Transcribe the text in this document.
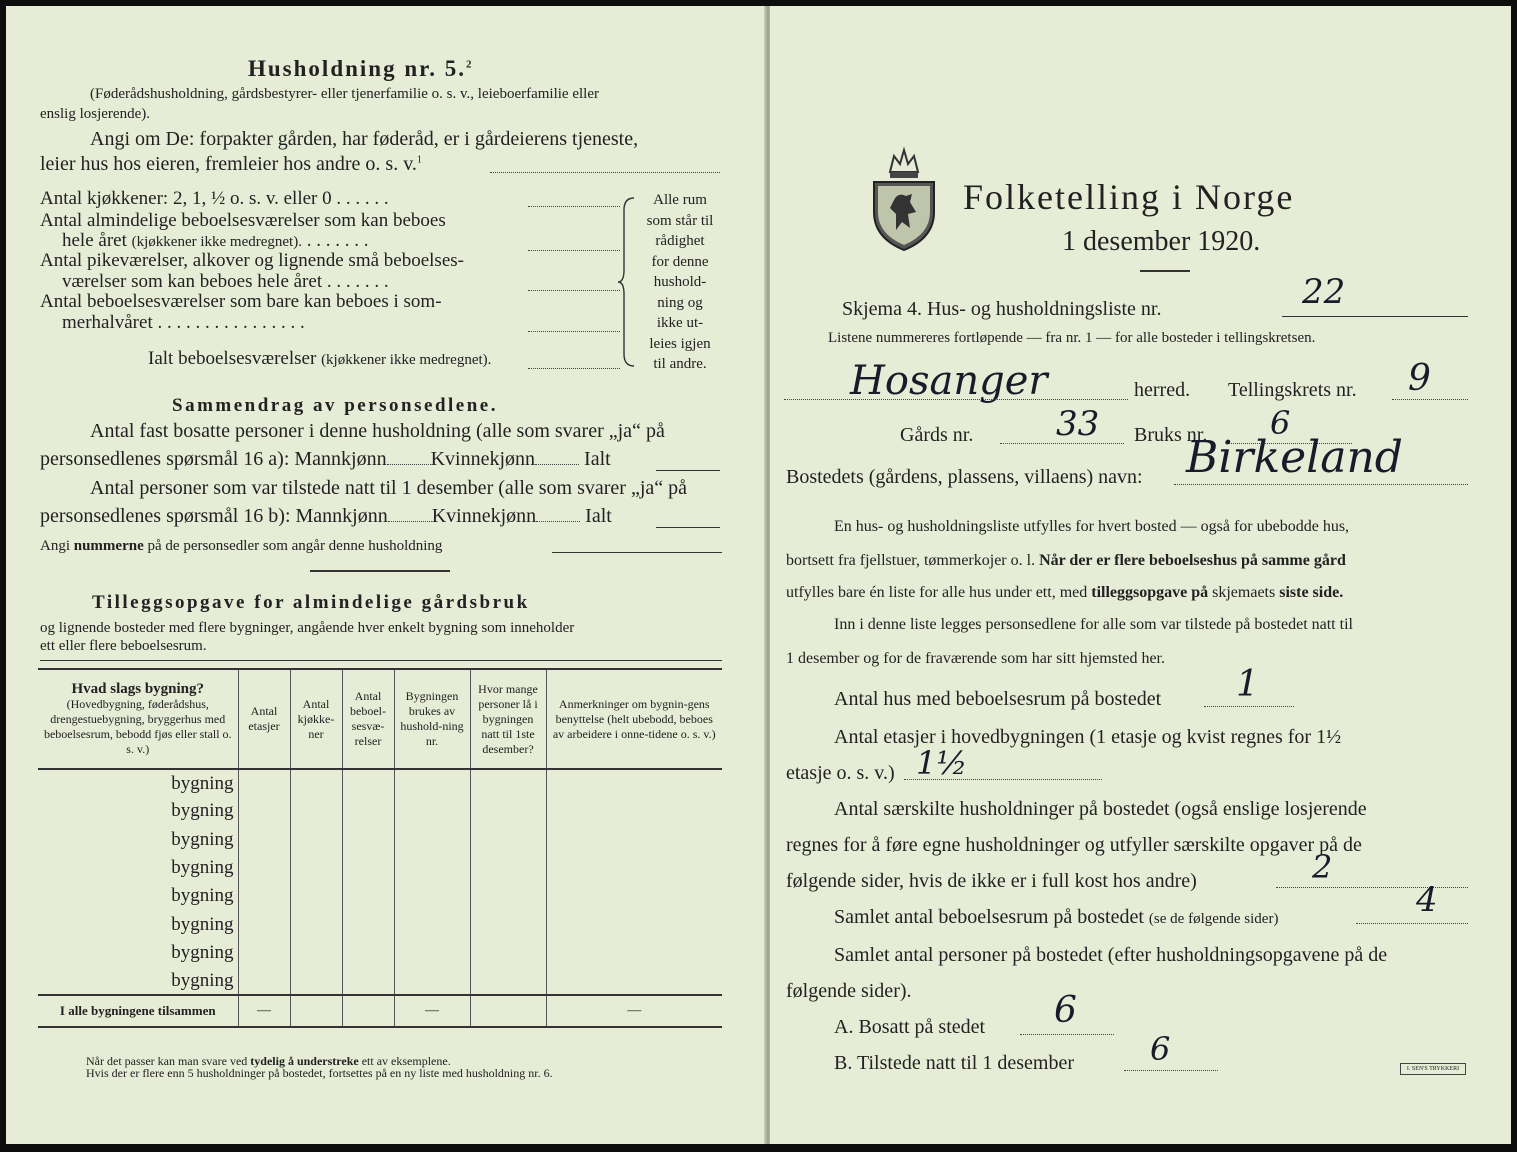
Husholdning nr. 5.$^2$
(Føderådshusholdning, gårdsbestyrer- eller tjenerfamilie o. s. v., leieboerfamilie eller
enslig losjerende).
Angi om De: forpakter gården, har føderåd, er i gårdeierens tjeneste,
leier hus hos eieren, fremleier hos andre o. s. v.$^1$
Antal kjøkkener: 2, 1, ½ o. s. v. eller 0 . . . . . .
Antal almindelige beboelsesværelser som kan beboes
hele året (kjøkkener ikke medregnet). . . . . . . .
Antal pikeværelser, alkover og lignende små beboelses-
værelser som kan beboes hele året . . . . . . .
Antal beboelsesværelser som bare kan beboes i som-
merhalvåret . . . . . . . . . . . . . . . .
Ialt beboelsesværelser (kjøkkener ikke medregnet).
Alle rum
som står til
rådighet
for denne
hushold-
ning og
ikke ut-
leies igjen
til andre.
Sammendrag av personsedlene.
Antal fast bosatte personer i denne husholdning (alle som svarer „ja“ på
personsedlenes spørsmål 16 a): Mannkjønn Kvinnekjønn Ialt
Antal personer som var tilstede natt til 1 desember (alle som svarer „ja“ på
personsedlenes spørsmål 16 b): Mannkjønn Kvinnekjønn Ialt
Angi nummerne på de personsedler som angår denne husholdning
Tilleggsopgave for almindelige gårdsbruk
og lignende bosteder med flere bygninger, angående hver enkelt bygning som inneholder
ett eller flere beboelsesrum.
Hvad slags bygning?
(Hovedbygning, føderådshus, drengestuebygning, bryggerhus med beboelsesrum, bebodd fjøs eller stall o. s. v.)	Antal etasjer	Antal kjøkke-ner	Antal beboel-sesvæ-relser	Bygningen brukes av hushold-ning nr.	Hvor mange personer lå i bygningen natt til 1ste desember?	Anmerkninger om bygnin-gens benyttelse (helt ubebodd, beboes av arbeidere i onne-tidene o. s. v.)
bygning						
bygning						
bygning						
bygning						
bygning						
bygning						
bygning						
bygning						
I alle bygningene tilsammen	—			—		—
Når det passer kan man svare ved tydelig å understreke ett av eksemplene.
Hvis der er flere enn 5 husholdninger på bostedet, fortsettes på en ny liste med husholdning nr. 6.
Folketelling i Norge
1 desember 1920.
Skjema 4. Hus- og husholdningsliste nr.	22
Listene nummereres fortløpende — fra nr. 1 — for alle bosteder i tellingskretsen.
Hosanger	herred. Tellingskrets nr. 9
Gårds nr. 33 Bruks nr. 6
Bostedets (gårdens, plassens, villaens) navn: Birkeland
En hus- og husholdningsliste utfylles for hvert bosted — også for ubebodde hus,
bortsett fra fjellstuer, tømmerkojer o. l. Når der er flere beboelseshus på samme gård
utfylles bare én liste for alle hus under ett, med tilleggsopgave på skjemaets siste side.
Inn i denne liste legges personsedlene for alle som var tilstede på bostedet natt til
1 desember og for de fraværende som har sitt hjemsted her.
Antal hus med beboelsesrum på bostedet 1
Antal etasjer i hovedbygningen (1 etasje og kvist regnes for 1½
etasje o. s. v.) 1½
Antal særskilte husholdninger på bostedet (også enslige losjerende
regnes for å føre egne husholdninger og utfyller særskilte opgaver på de
følgende sider, hvis de ikke er i full kost hos andre)	2
Samlet antal beboelsesrum på bostedet (se de følgende sider)	4
Samlet antal personer på bostedet (efter husholdningsopgavene på de
følgende sider).
A. Bosatt på stedet 6
B. Tilstede natt til 1 desember 6
I. SEN'S TRYKKERI
